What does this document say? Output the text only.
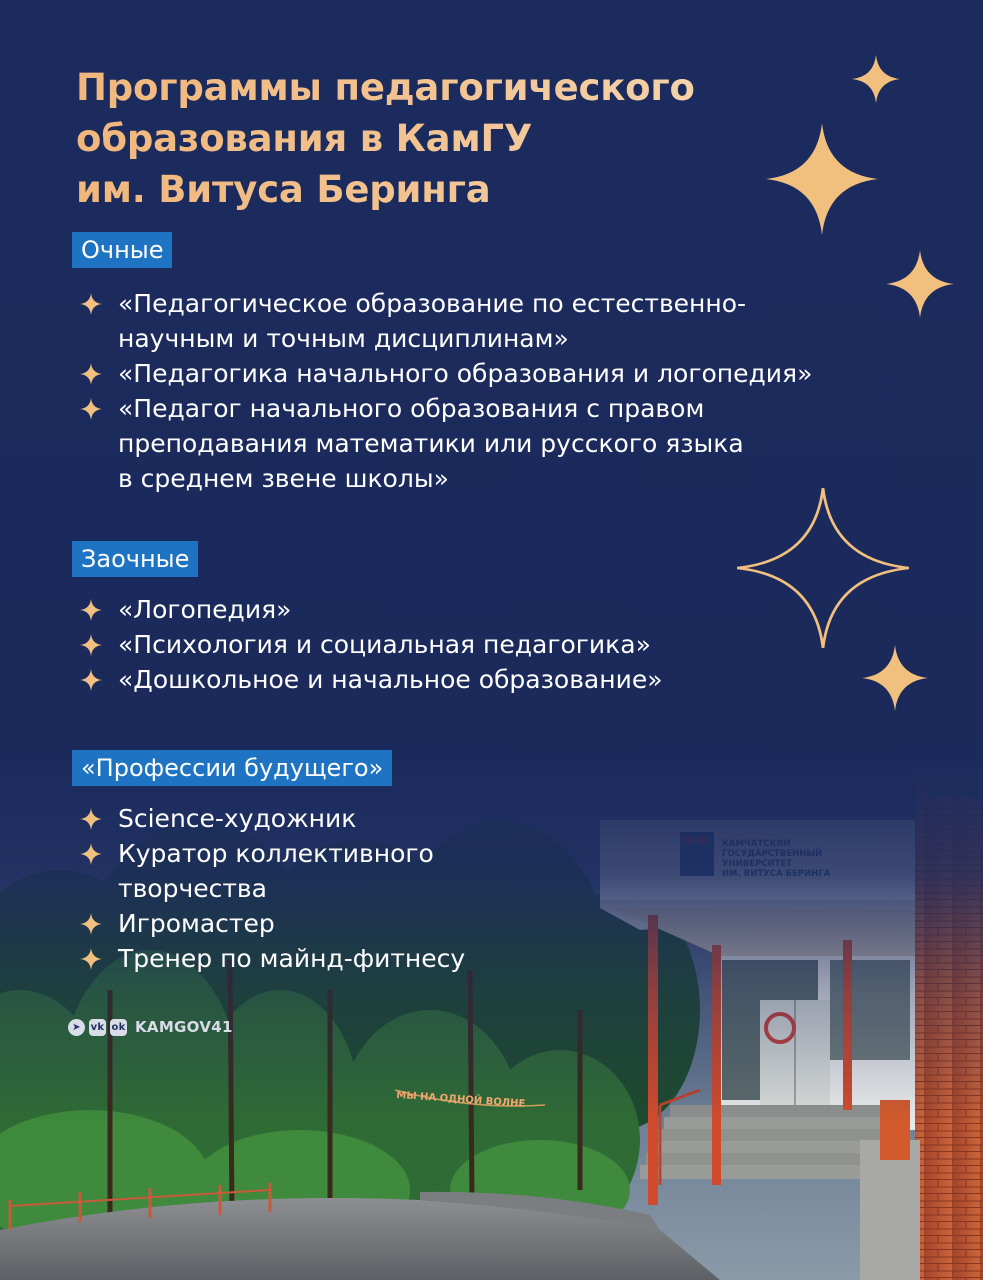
Программы педагогического
образования в КамГУ
им. Витуса Беринга
Очные
«Педагогическое образование по естественно-
научным и точным дисциплинам»
«Педагогика начального образования и логопедия»
«Педагог начального образования с правом
преподавания математики или русского языка
в среднем звене школы»
Заочные
«Логопедия»
«Психология и социальная педагогика»
«Дошкольное и начальное образование»
«Профессии будущего»
Science-художник
Куратор коллективного
творчества
Игромастер
Тренер по майнд-фитнесу
➤ vk ok KAMGOV41
